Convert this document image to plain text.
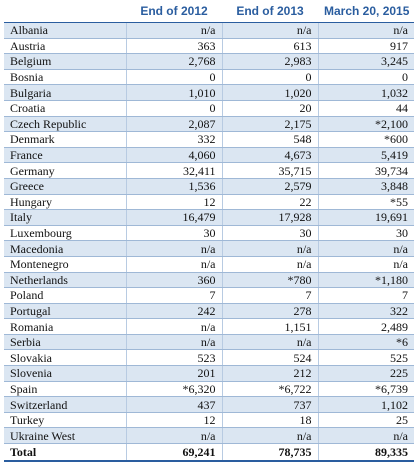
	End of 2012	End of 2013	March 20, 2015
Albania	n/a	n/a	n/a
Austria	363	613	917
Belgium	2,768	2,983	3,245
Bosnia	0	0	0
Bulgaria	1,010	1,020	1,032
Croatia	0	20	44
Czech Republic	2,087	2,175	*2,100
Denmark	332	548	*600
France	4,060	4,673	5,419
Germany	32,411	35,715	39,734
Greece	1,536	2,579	3,848
Hungary	12	22	*55
Italy	16,479	17,928	19,691
Luxembourg	30	30	30
Macedonia	n/a	n/a	n/a
Montenegro	n/a	n/a	n/a
Netherlands	360	*780	*1,180
Poland	7	7	7
Portugal	242	278	322
Romania	n/a	1,151	2,489
Serbia	n/a	n/a	*6
Slovakia	523	524	525
Slovenia	201	212	225
Spain	*6,320	*6,722	*6,739
Switzerland	437	737	1,102
Turkey	12	18	25
Ukraine West	n/a	n/a	n/a
Total	69,241	78,735	89,335
